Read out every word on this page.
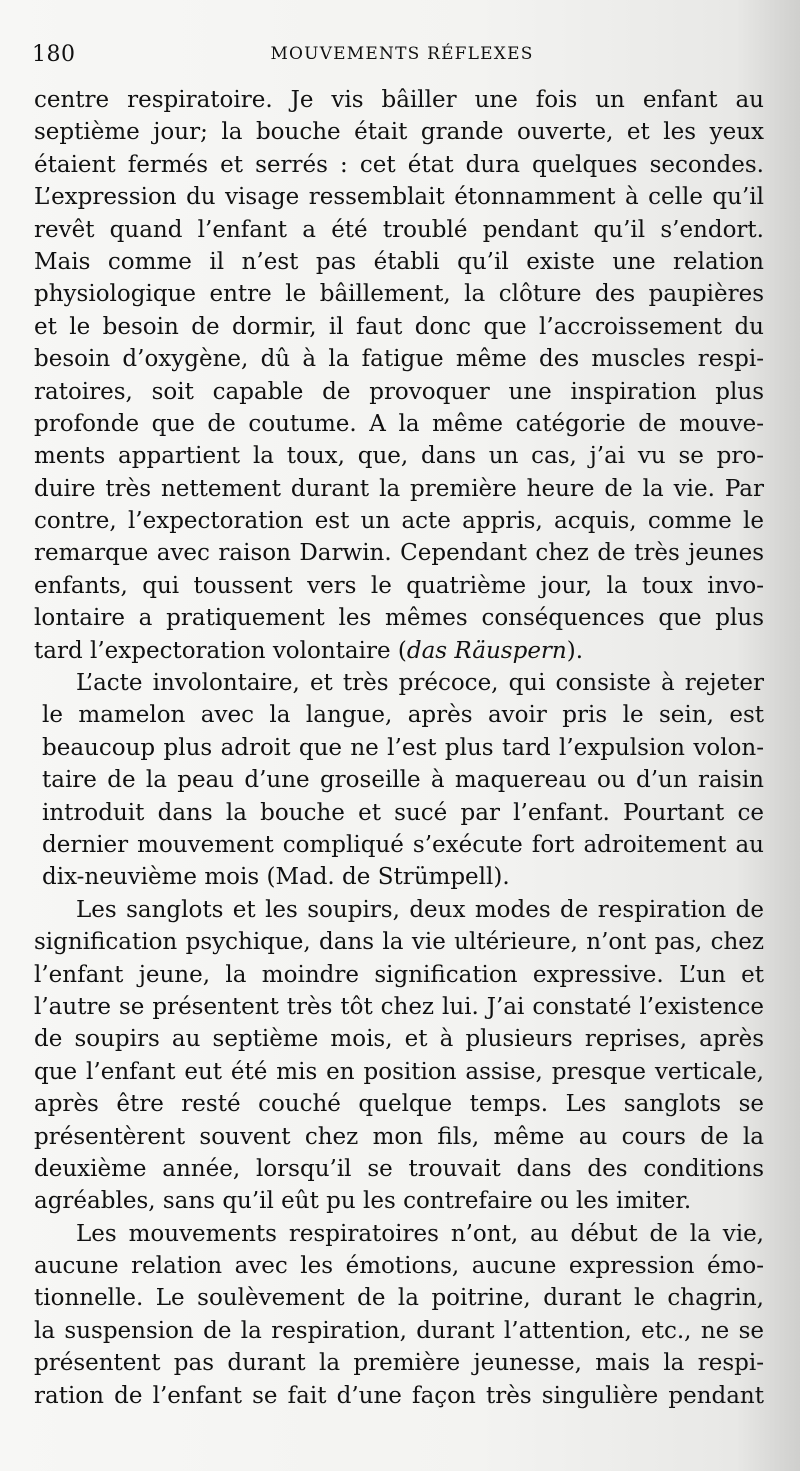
180	MOUVEMENTS RÉFLEXES
centre respiratoire. Je vis bâiller une fois un enfant au
septième jour; la bouche était grande ouverte, et les yeux
étaient fermés et serrés : cet état dura quelques secondes.
L’expression du visage ressemblait étonnamment à celle qu’il
revêt quand l’enfant a été troublé pendant qu’il s’endort.
Mais comme il n’est pas établi qu’il existe une relation
physiologique entre le bâillement, la clôture des paupières
et le besoin de dormir, il faut donc que l’accroissement du
besoin d’oxygène, dû à la fatigue même des muscles respi-
ratoires, soit capable de provoquer une inspiration plus
profonde que de coutume. A la même catégorie de mouve-
ments appartient la toux, que, dans un cas, j’ai vu se pro-
duire très nettement durant la première heure de la vie. Par
contre, l’expectoration est un acte appris, acquis, comme le
remarque avec raison Darwin. Cependant chez de très jeunes
enfants, qui toussent vers le quatrième jour, la toux invo-
lontaire a pratiquement les mêmes conséquences que plus
tard l’expectoration volontaire (das Räuspern).
L’acte involontaire, et très précoce, qui consiste à rejeter
le mamelon avec la langue, après avoir pris le sein, est
beaucoup plus adroit que ne l’est plus tard l’expulsion volon-
taire de la peau d’une groseille à maquereau ou d’un raisin
introduit dans la bouche et sucé par l’enfant. Pourtant ce
dernier mouvement compliqué s’exécute fort adroitement au
dix-neuvième mois (Mad. de Strümpell).
Les sanglots et les soupirs, deux modes de respiration de
signification psychique, dans la vie ultérieure, n’ont pas, chez
l’enfant jeune, la moindre signification expressive. L’un et
l’autre se présentent très tôt chez lui. J’ai constaté l’existence
de soupirs au septième mois, et à plusieurs reprises, après
que l’enfant eut été mis en position assise, presque verticale,
après être resté couché quelque temps. Les sanglots se
présentèrent souvent chez mon fils, même au cours de la
deuxième année, lorsqu’il se trouvait dans des conditions
agréables, sans qu’il eût pu les contrefaire ou les imiter.
Les mouvements respiratoires n’ont, au début de la vie,
aucune relation avec les émotions, aucune expression émo-
tionnelle. Le soulèvement de la poitrine, durant le chagrin,
la suspension de la respiration, durant l’attention, etc., ne se
présentent pas durant la première jeunesse, mais la respi-
ration de l’enfant se fait d’une façon très singulière pendant
